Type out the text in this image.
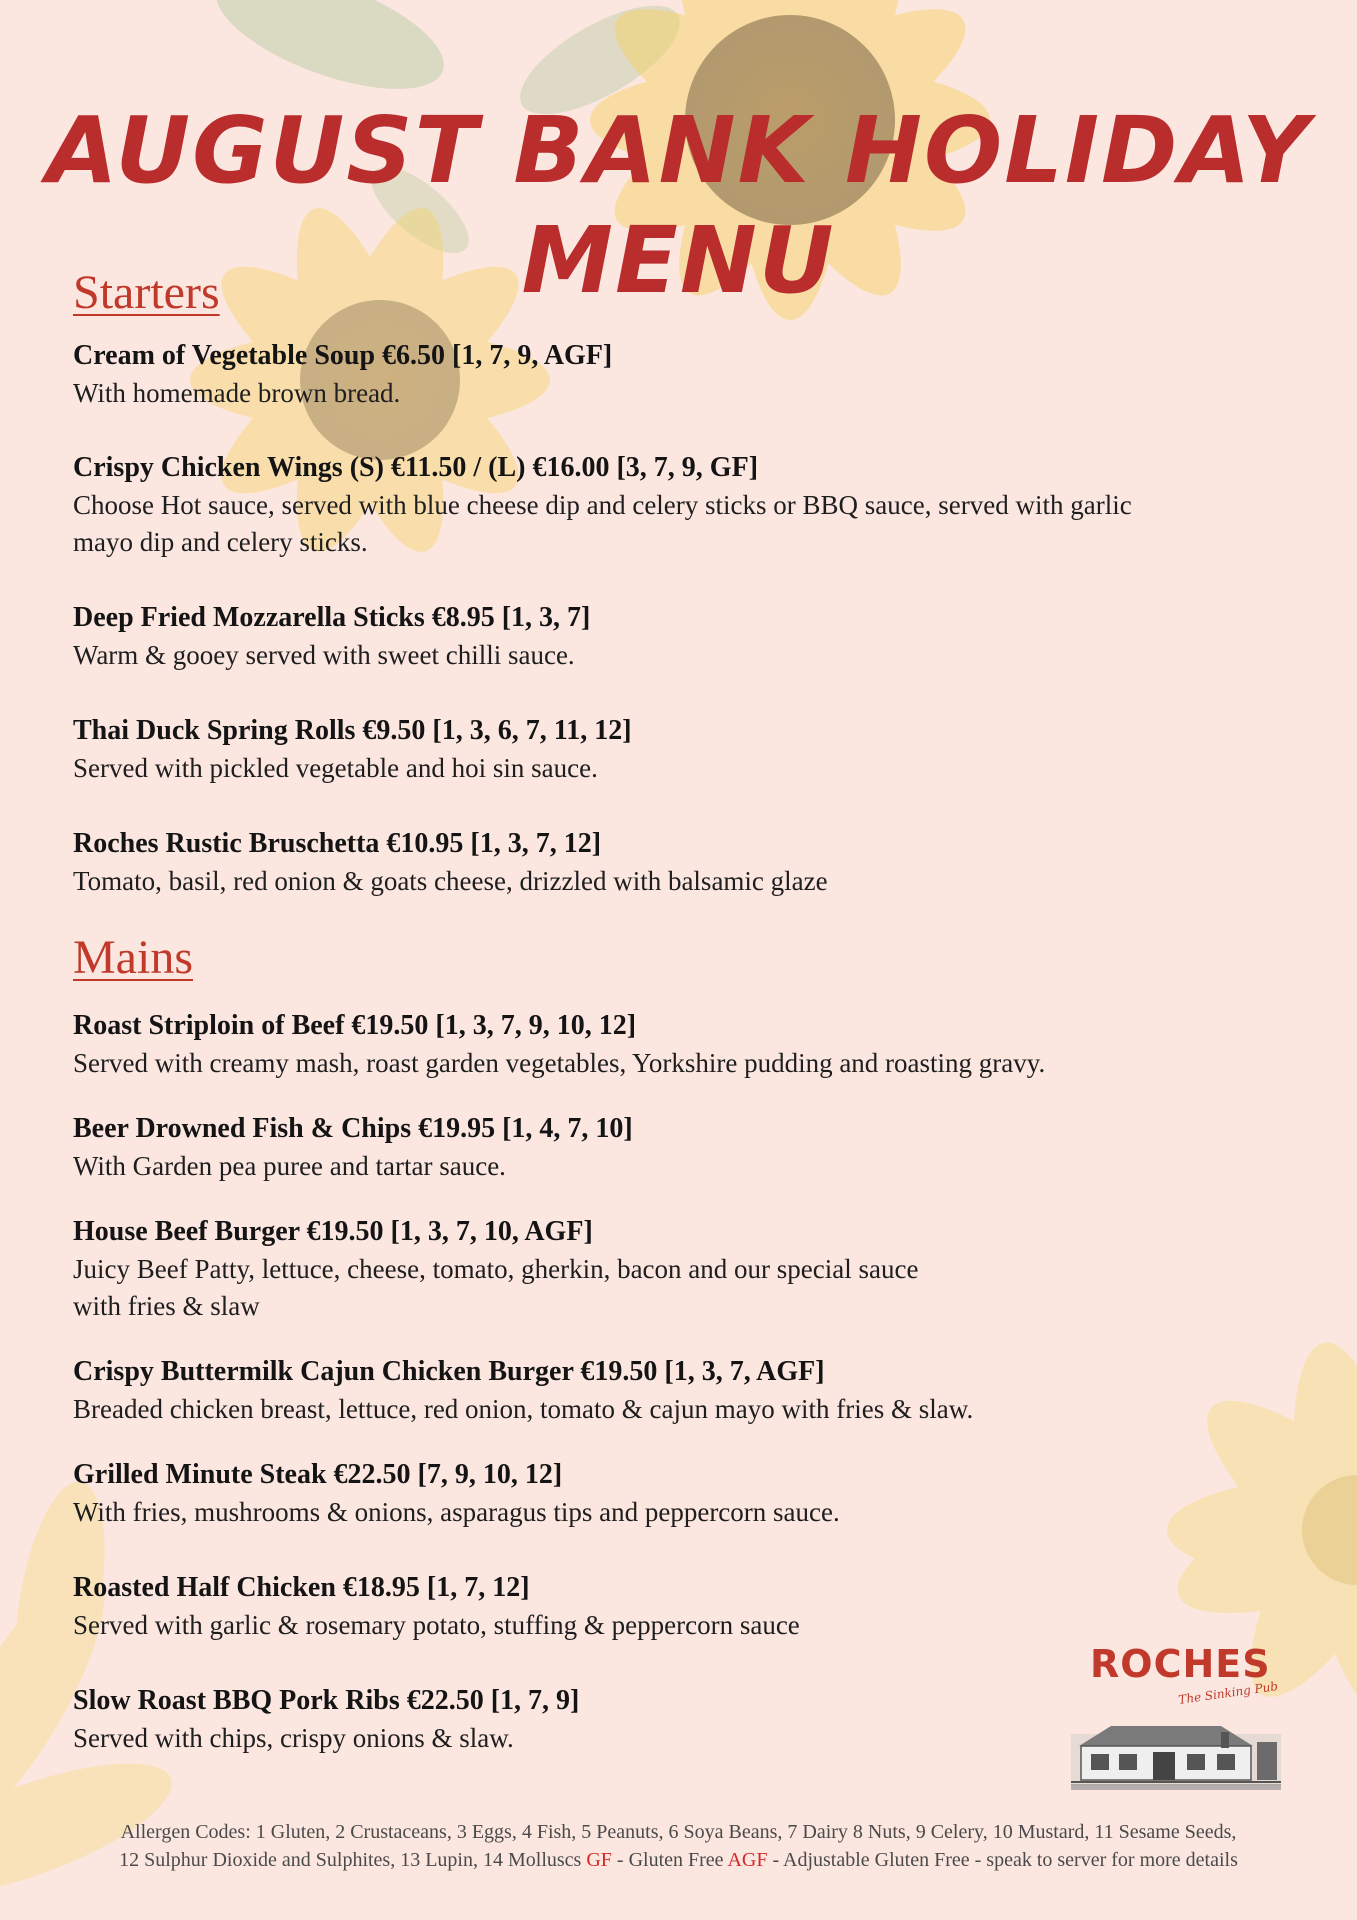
AUGUST BANK HOLIDAY MENU
Starters
Cream of Vegetable Soup €6.50 [1, 7, 9, AGF]
With homemade brown bread.
Crispy Chicken Wings (S) €11.50 / (L) €16.00 [3, 7, 9, GF]
Choose Hot sauce, served with blue cheese dip and celery sticks or BBQ sauce, served with garlic
mayo dip and celery sticks.
Deep Fried Mozzarella Sticks €8.95 [1, 3, 7]
Warm & gooey served with sweet chilli sauce.
Thai Duck Spring Rolls €9.50 [1, 3, 6, 7, 11, 12]
Served with pickled vegetable and hoi sin sauce.
Roches Rustic Bruschetta €10.95 [1, 3, 7, 12]
Tomato, basil, red onion & goats cheese, drizzled with balsamic glaze
Mains
Roast Striploin of Beef €19.50 [1, 3, 7, 9, 10, 12]
Served with creamy mash, roast garden vegetables, Yorkshire pudding and roasting gravy.
Beer Drowned Fish & Chips €19.95 [1, 4, 7, 10]
With Garden pea puree and tartar sauce.
House Beef Burger €19.50 [1, 3, 7, 10, AGF]
Juicy Beef Patty, lettuce, cheese, tomato, gherkin, bacon and our special sauce
with fries & slaw
Crispy Buttermilk Cajun Chicken Burger €19.50 [1, 3, 7, AGF]
Breaded chicken breast, lettuce, red onion, tomato & cajun mayo with fries & slaw.
Grilled Minute Steak €22.50 [7, 9, 10, 12]
With fries, mushrooms & onions, asparagus tips and peppercorn sauce.
Roasted Half Chicken €18.95 [1, 7, 12]
Served with garlic & rosemary potato, stuffing & peppercorn sauce
Slow Roast BBQ Pork Ribs €22.50 [1, 7, 9]
Served with chips, crispy onions & slaw.
ROCHES
The Sinking Pub
Allergen Codes: 1 Gluten, 2 Crustaceans, 3 Eggs, 4 Fish, 5 Peanuts, 6 Soya Beans, 7 Dairy 8 Nuts, 9 Celery, 10 Mustard, 11 Sesame Seeds,
12 Sulphur Dioxide and Sulphites, 13 Lupin, 14 Molluscs GF - Gluten Free AGF - Adjustable Gluten Free - speak to server for more details
